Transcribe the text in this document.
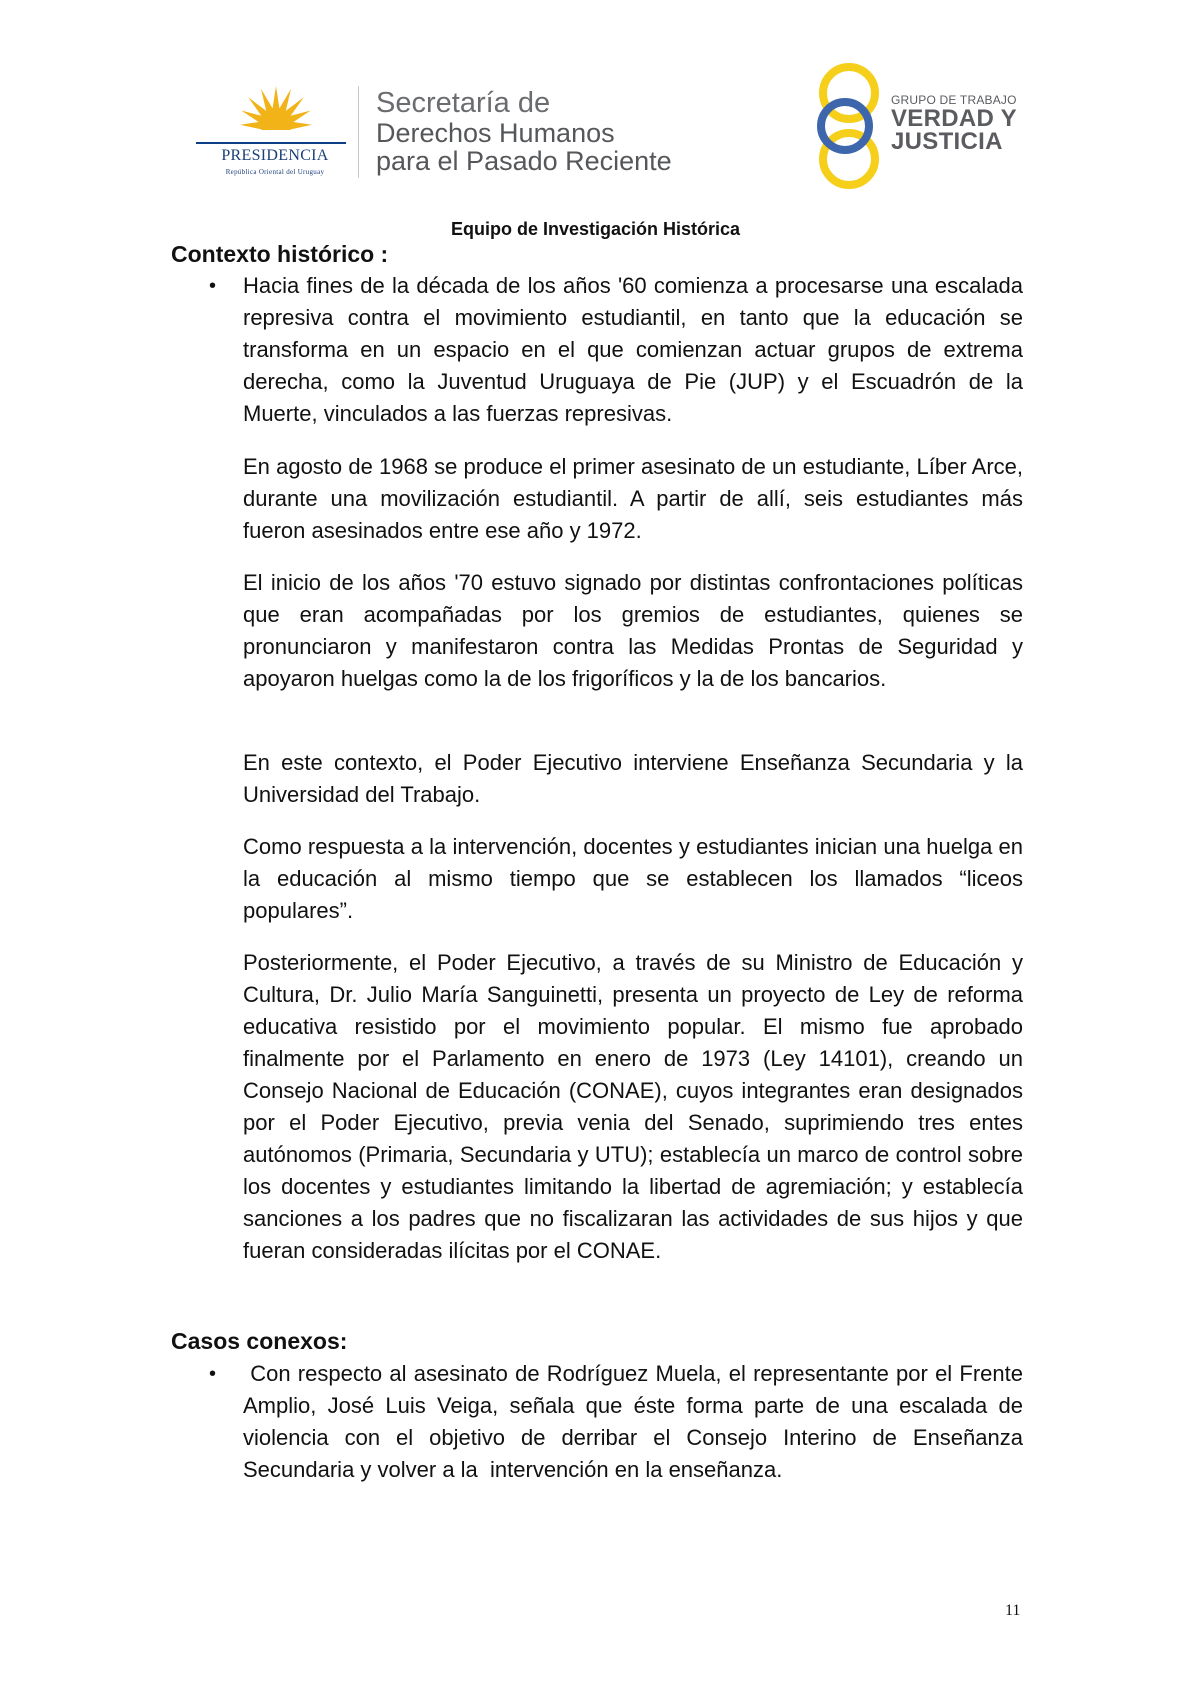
PRESIDENCIA
República Oriental del Uruguay
Secretaría de
Derechos Humanos
para el Pasado Reciente
GRUPO DE TRABAJO
VERDAD Y
JUSTICIA
Equipo de Investigación Histórica
Contexto histórico :
• Hacia fines de la década de los años '60 comienza a procesarse una escalada represiva contra el movimiento estudiantil, en tanto que la educación se transforma en un espacio en el que comienzan actuar grupos de extrema derecha, como la Juventud Uruguaya de Pie (JUP) y el Escuadrón de la Muerte, vinculados a las fuerzas represivas.

En agosto de 1968 se produce el primer asesinato de un estudiante, Líber Arce, durante una movilización estudiantil. A partir de allí, seis estudiantes más fueron asesinados entre ese año y 1972.

El inicio de los años '70 estuvo signado por distintas confrontaciones políticas que eran acompañadas por los gremios de estudiantes, quienes se pronunciaron y manifestaron contra las Medidas Prontas de Seguridad y apoyaron huelgas como la de los frigoríficos y la de los bancarios.

En este contexto, el Poder Ejecutivo interviene Enseñanza Secundaria y la Universidad del Trabajo.

Como respuesta a la intervención, docentes y estudiantes inician una huelga en la educación al mismo tiempo que se establecen los llamados “liceos populares”.

Posteriormente, el Poder Ejecutivo, a través de su Ministro de Educación y Cultura, Dr. Julio María Sanguinetti, presenta un proyecto de Ley de reforma educativa resistido por el movimiento popular. El mismo fue aprobado finalmente por el Parlamento en enero de 1973 (Ley 14101), creando un Consejo Nacional de Educación (CONAE), cuyos integrantes eran designados por el Poder Ejecutivo, previa venia del Senado, suprimiendo tres entes autónomos (Primaria, Secundaria y UTU); establecía un marco de control sobre los docentes y estudiantes limitando la libertad de agremiación; y establecía sanciones a los padres que no fiscalizaran las actividades de sus hijos y que fueran consideradas ilícitas por el CONAE.

Casos conexos:
• Con respecto al asesinato de Rodríguez Muela, el representante por el Frente Amplio, José Luis Veiga, señala que éste forma parte de una escalada de violencia con el objetivo de derribar el Consejo Interino de Enseñanza Secundaria y volver a la  intervención en la enseñanza.

11
